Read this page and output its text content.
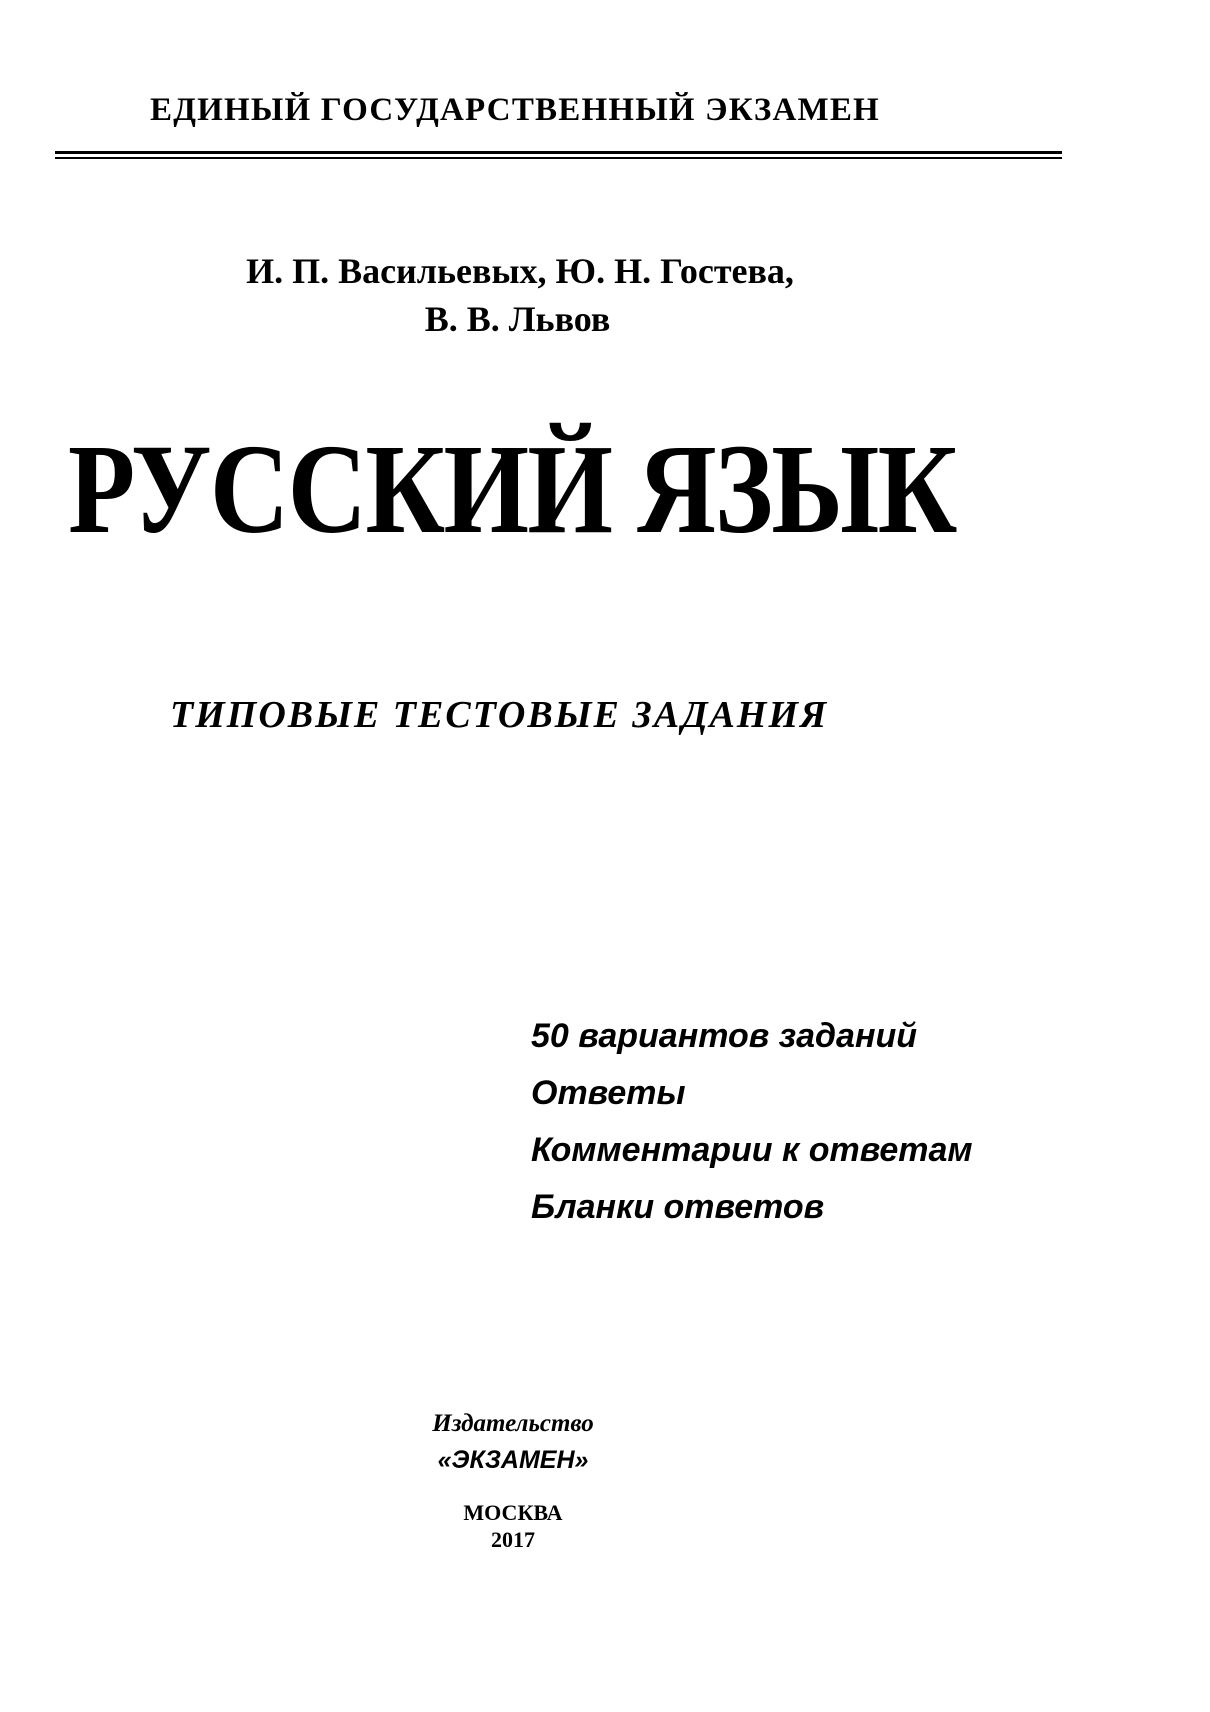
ЕДИНЫЙ ГОСУДАРСТВЕННЫЙ ЭКЗАМЕН

И. П. Васильевых, Ю. Н. Гостева,

В. В. Львов

РУССКИЙ ЯЗЫК

ТИПОВЫЕ ТЕСТОВЫЕ ЗАДАНИЯ

50 вариантов заданий
Ответы
Комментарии к ответам
Бланки ответов

Издательство

«ЭКЗАМЕН»

МОСКВА

2017
